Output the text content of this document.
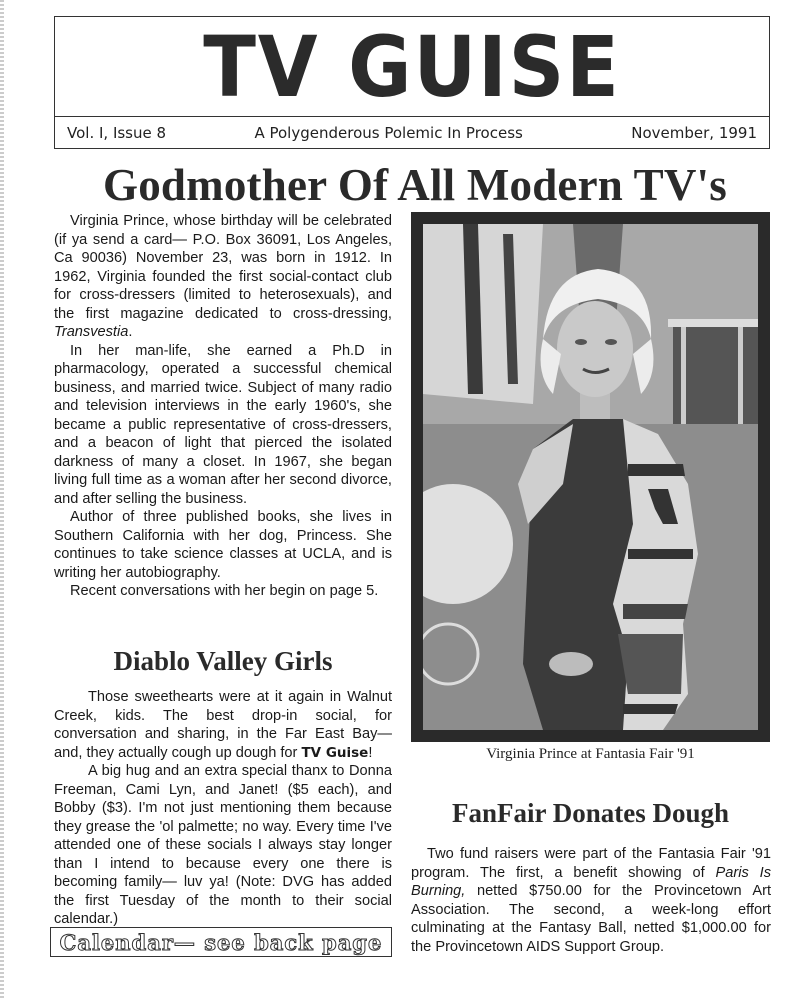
TV GUISE
Vol. I, Issue 8	A Polygenderous Polemic In Process	November, 1991
Godmother Of All Modern TV's

Virginia Prince, whose birthday will be celebrated (if ya send a card— P.O. Box 36091, Los Angeles, Ca 90036) November 23, was born in 1912. In 1962, Virginia founded the first social-contact club for cross-dressers (limited to heterosexuals), and the first magazine dedicated to cross-dressing, Transvestia.

In her man-life, she earned a Ph.D in pharmacology, operated a successful chemical business, and married twice. Subject of many radio and television interviews in the early 1960's, she became a public representative of cross-dressers, and a beacon of light that pierced the isolated darkness of many a closet. In 1967, she began living full time as a woman after her second divorce, and after selling the business.

Author of three published books, she lives in Southern California with her dog, Princess. She continues to take science classes at UCLA, and is writing her autobiography.

Recent conversations with her begin on page 5.

Diablo Valley Girls

Those sweethearts were at it again in Walnut Creek, kids. The best drop-in social, for conversation and sharing, in the Far East Bay— and, they actually cough up dough for TV Guise!

A big hug and an extra special thanx to Donna Freeman, Cami Lyn, and Janet! ($5 each), and Bobby ($3). I'm not just mentioning them because they grease the 'ol palmette; no way. Every time I've attended one of these socials I always stay longer than I intend to because every one there is becoming family— luv ya! (Note: DVG has added the first Tuesday of the month to their social calendar.)

Calendar— see back page
Virginia Prince at Fantasia Fair '91
FanFair Donates Dough

Two fund raisers were part of the Fantasia Fair '91 program. The first, a benefit showing of Paris Is Burning, netted $750.00 for the Provincetown Art Association. The second, a week-long effort culminating at the Fantasy Ball, netted $1,000.00 for the Provincetown AIDS Support Group.
